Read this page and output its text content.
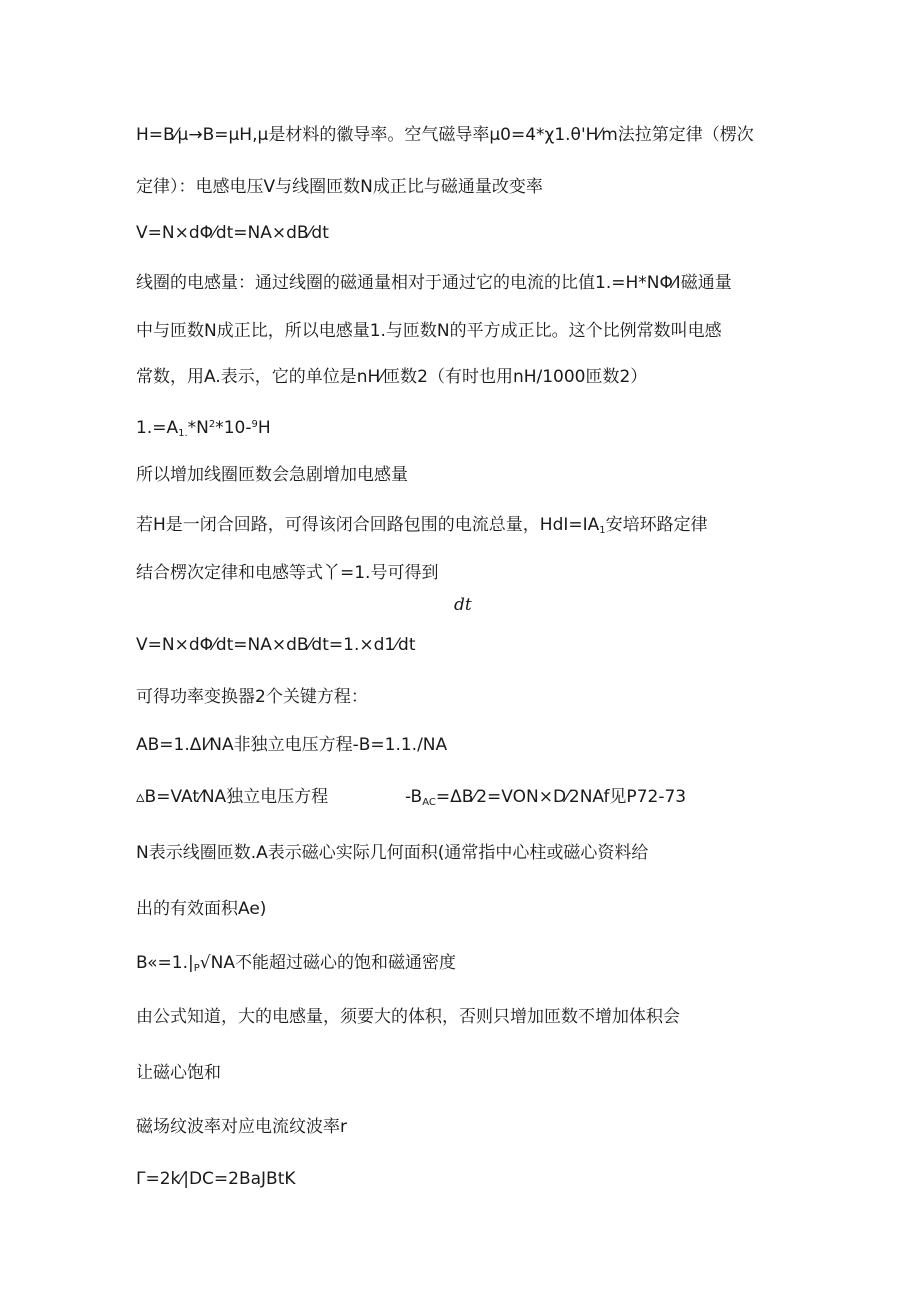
H=B⁄μ→B=μH,μ是材料的徽导率。空气磁导率μ0=4*χ1.θ'H⁄m法拉第定律（楞次
定律）：电感电压V与线圈匝数N成正比与磁通量改变率
V=N×dΦ⁄dt=NA×dB⁄dt
线圈的电感量：通过线圈的磁通量相对于通过它的电流的比值1.=H*NΦ⁄I磁通量
中与匝数N成正比，所以电感量1.与匝数N的平方成正比。这个比例常数叫电感
常数，用A.表示，它的单位是nH⁄匝数2（有时也用nH/1000匝数2）
$1.=A_{1.}*N^2*10-^9H$
所以增加线圈匝数会急剧增加电感量
若H是一闭合回路，可得该闭合回路包围的电流总量，$HdI=IA_1$安培环路定律
结合楞次定律和电感等式丫=1.号可得到
dt
V=N×dΦ⁄dt=NA×dB⁄dt=1.×d1⁄dt
可得功率变换器2个关键方程：
AB=1.ΔI⁄NA非独立电压方程-B=1.1./NA
▵B=VAt⁄NA独立电压方程	$-B_{AC}=\Delta B⁄2=VON\times D⁄2NAf$见P72-73
N表示线圈匝数.A表示磁心实际几何面积(通常指中心柱或磁心资料给
出的有效面积Ae)
$B«=1.|_P√NA$不能超过磁心的饱和磁通密度
由公式知道，大的电感量，须要大的体积，否则只增加匝数不增加体积会
让磁心饱和
磁场纹波率对应电流纹波率r
Γ=2k⁄|DC=2BaJBtK
